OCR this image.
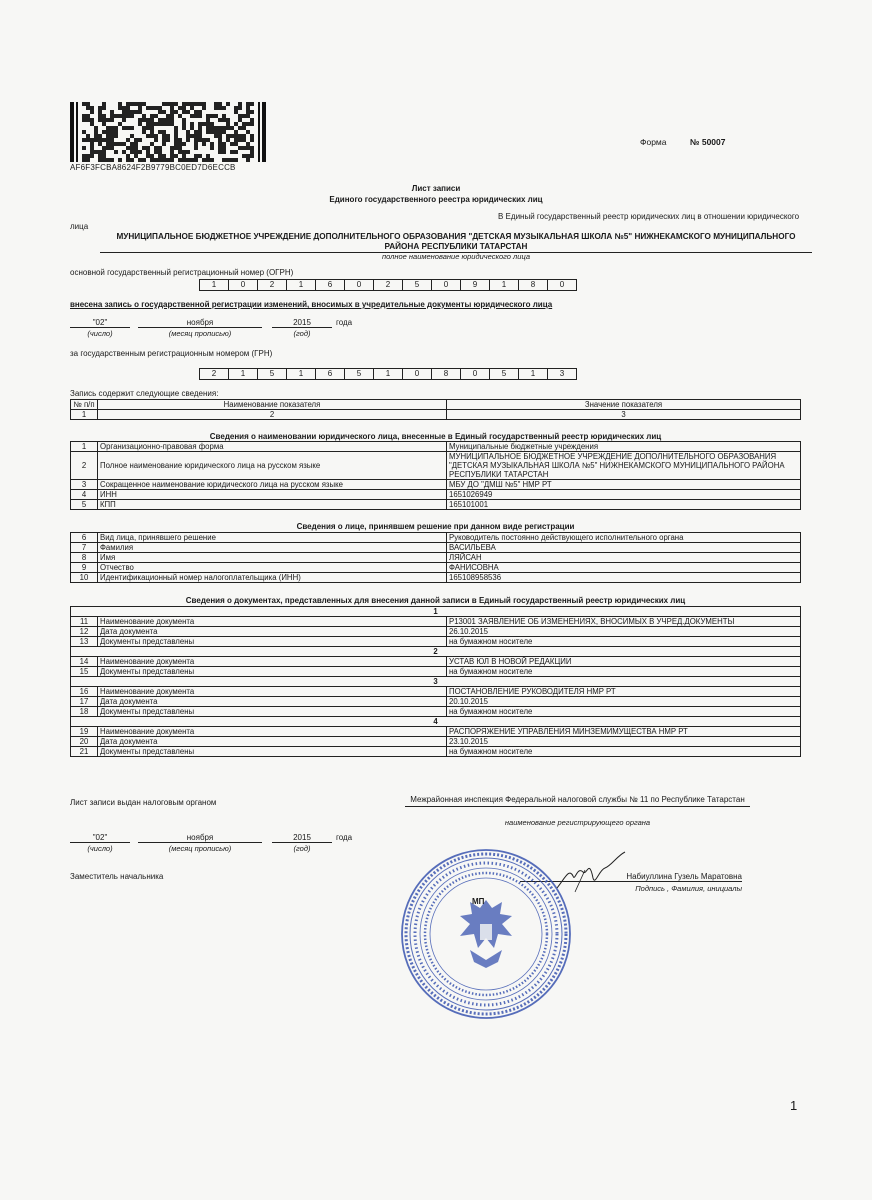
AF6F3FCBA8624F2B9779BC0ED7D6ECCB
Форма	№ 50007
Лист записи
Единого государственного реестра юридических лиц
В Единый государственный реестр юридических лиц в отношении юридического
лица
МУНИЦИПАЛЬНОЕ БЮДЖЕТНОЕ УЧРЕЖДЕНИЕ ДОПОЛНИТЕЛЬНОГО ОБРАЗОВАНИЯ "ДЕТСКАЯ МУЗЫКАЛЬНАЯ ШКОЛА №5" НИЖНЕКАМСКОГО МУНИЦИПАЛЬНОГО РАЙОНА РЕСПУБЛИКИ ТАТАРСТАН
полное наименование юридического лица
основной государственный регистрационный номер (ОГРН)
1	0	2	1	6	0	2	5	0	9	1	8	0
внесена запись о государственной регистрации изменений, вносимых в учредительные документы юридического лица
"02"	ноября	2015	года
(число)	(месяц прописью)	(год)
за государственным регистрационным номером (ГРН)
2	1	5	1	6	5	1	0	8	0	5	1	3
Запись содержит следующие сведения:
№ п/п	Наименование показателя	Значение показателя
1	2	3
Сведения о наименовании юридического лица, внесенные в Единый государственный реестр юридических лиц
1	Организационно-правовая форма	Муниципальные бюджетные учреждения
2	Полное наименование юридического лица на русском языке	МУНИЦИПАЛЬНОЕ БЮДЖЕТНОЕ УЧРЕЖДЕНИЕ ДОПОЛНИТЕЛЬНОГО ОБРАЗОВАНИЯ "ДЕТСКАЯ МУЗЫКАЛЬНАЯ ШКОЛА №5" НИЖНЕКАМСКОГО МУНИЦИПАЛЬНОГО РАЙОНА РЕСПУБЛИКИ ТАТАРСТАН
3	Сокращенное наименование юридического лица на русском языке	МБУ ДО "ДМШ №5" НМР РТ
4	ИНН	1651026949
5	КПП	165101001
Сведения о лице, принявшем решение при данном виде регистрации
6	Вид лица, принявшего решение	Руководитель постоянно действующего исполнительного органа
7	Фамилия	ВАСИЛЬЕВА
8	Имя	ЛЯЙСАН
9	Отчество	ФАНИСОВНА
10	Идентификационный номер налогоплательщика (ИНН)	165108958536
Сведения о документах, представленных для внесения данной записи в Единый государственный реестр юридических лиц
1		
11	Наименование документа	Р13001 ЗАЯВЛЕНИЕ ОБ ИЗМЕНЕНИЯХ, ВНОСИМЫХ В УЧРЕД.ДОКУМЕНТЫ
12	Дата документа	26.10.2015
13	Документы представлены	на бумажном носителе
2		
14	Наименование документа	УСТАВ ЮЛ В НОВОЙ РЕДАКЦИИ
15	Документы представлены	на бумажном носителе
3		
16	Наименование документа	ПОСТАНОВЛЕНИЕ РУКОВОДИТЕЛЯ НМР РТ
17	Дата документа	20.10.2015
18	Документы представлены	на бумажном носителе
4		
19	Наименование документа	РАСПОРЯЖЕНИЕ УПРАВЛЕНИЯ МИНЗЕМИМУЩЕСТВА НМР РТ
20	Дата документа	23.10.2015
21	Документы представлены	на бумажном носителе
Лист записи выдан налоговым органом	Межрайонная инспекция Федеральной налоговой службы № 11 по Республике Татарстан
наименование регистрирующего органа
"02"	ноября	2015	года
(число)	(месяц прописью)	(год)
Заместитель начальника	Набиуллина Гузель Маратовна
Подпись , Фамилия, инициалы
МП
1
